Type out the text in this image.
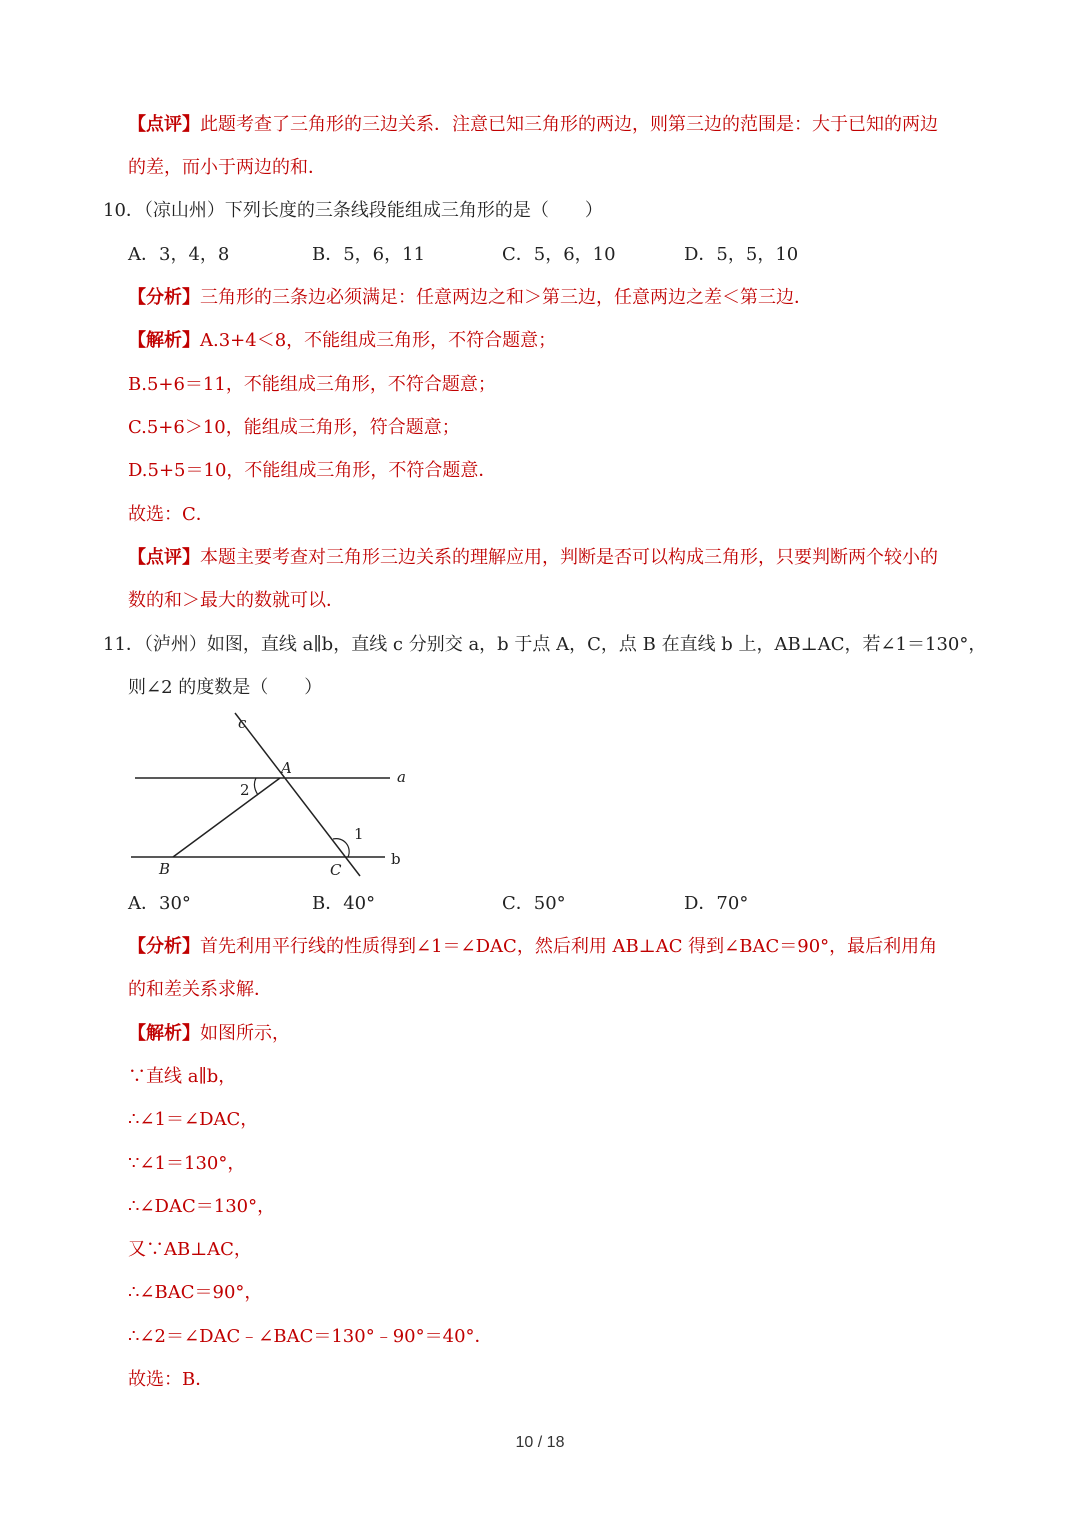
【点评】此题考查了三角形的三边关系．注意已知三角形的两边，则第三边的范围是：大于已知的两边
的差，而小于两边的和．
10．（凉山州）下列长度的三条线段能组成三角形的是（　　）
A．3，4，8	B．5，6，11	C．5，6，10	D．5，5，10
【分析】三角形的三条边必须满足：任意两边之和＞第三边，任意两边之差＜第三边．
【解析】A.3+4＜8，不能组成三角形，不符合题意；
B.5+6＝11，不能组成三角形，不符合题意；
C.5+6＞10，能组成三角形，符合题意；
D.5+5＝10，不能组成三角形，不符合题意．
故选：C．
【点评】本题主要考查对三角形三边关系的理解应用，判断是否可以构成三角形，只要判断两个较小的
数的和＞最大的数就可以．
11．（泸州）如图，直线 a∥b，直线 c 分别交 a，b 于点 A，C，点 B 在直线 b 上，AB⊥AC，若∠1＝130°，
则∠2 的度数是（　　）
c
A	a
2
1
B	C
b
A．30°	B．40°	C．50°	D．70°
【分析】首先利用平行线的性质得到∠1＝∠DAC，然后利用 AB⊥AC 得到∠BAC＝90°，最后利用角
的和差关系求解．
【解析】如图所示，
∵直线 a∥b，
∴∠1＝∠DAC，
∵∠1＝130°，
∴∠DAC＝130°，
又∵AB⊥AC，
∴∠BAC＝90°，
∴∠2＝∠DAC﹣∠BAC＝130°﹣90°＝40°．
故选：B．
10 / 18
